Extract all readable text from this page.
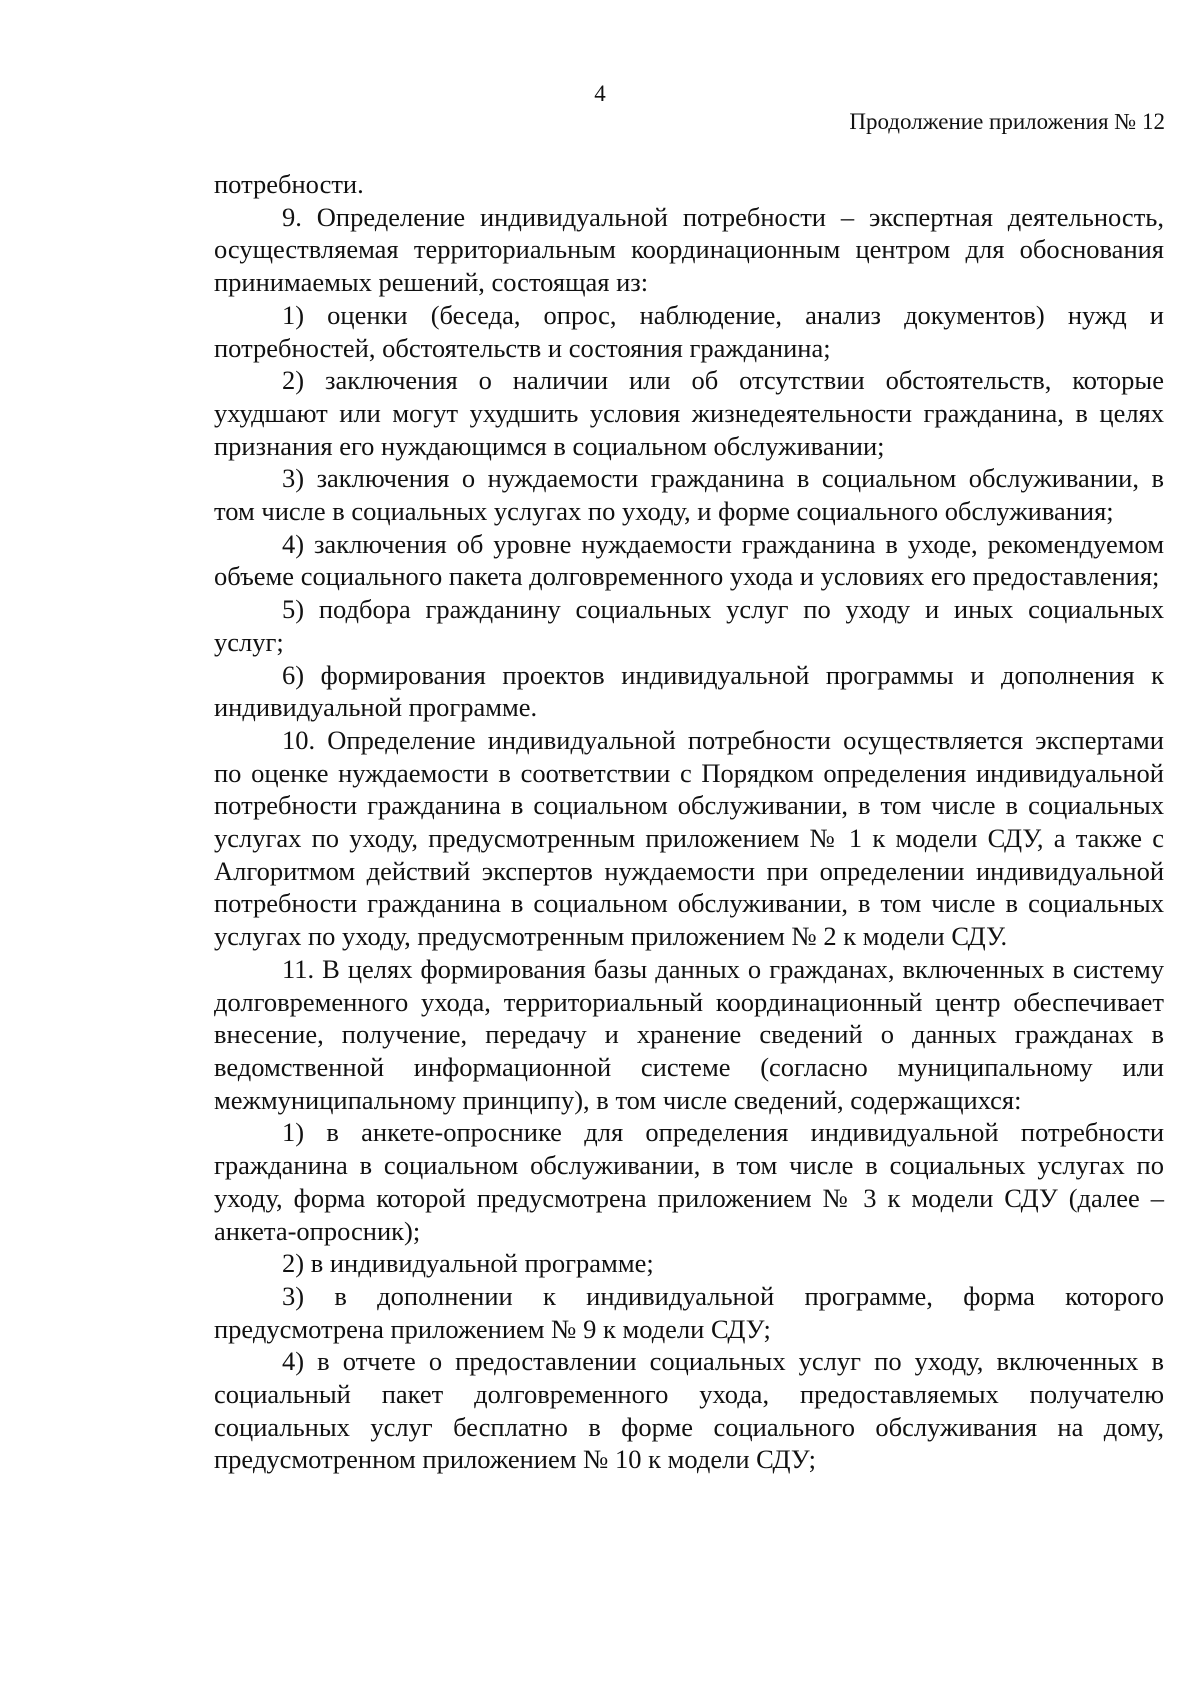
4
Продолжение приложения № 12

потребности.

9. Определение индивидуальной потребности – экспертная деятельность, осуществляемая территориальным координационным центром для обоснования принимаемых решений, состоящая из:

1) оценки (беседа, опрос, наблюдение, анализ документов) нужд и потребностей, обстоятельств и состояния гражданина;

2) заключения о наличии или об отсутствии обстоятельств, которые ухудшают или могут ухудшить условия жизнедеятельности гражданина, в целях признания его нуждающимся в социальном обслуживании;

3) заключения о нуждаемости гражданина в социальном обслуживании, в том числе в социальных услугах по уходу, и форме социального обслуживания;

4) заключения об уровне нуждаемости гражданина в уходе, рекомендуемом объеме социального пакета долговременного ухода и условиях его предоставления;

5) подбора гражданину социальных услуг по уходу и иных социальных услуг;

6) формирования проектов индивидуальной программы и дополнения к индивидуальной программе.

10. Определение индивидуальной потребности осуществляется экспертами по оценке нуждаемости в соответствии с Порядком определения индивидуальной потребности гражданина в социальном обслуживании, в том числе в социальных услугах по уходу, предусмотренным приложением № 1 к модели СДУ, а также с Алгоритмом действий экспертов нуждаемости при определении индивидуальной потребности гражданина в социальном обслуживании, в том числе в социальных услугах по уходу, предусмотренным приложением № 2 к модели СДУ.

11. В целях формирования базы данных о гражданах, включенных в систему долговременного ухода, территориальный координационный центр обеспечивает внесение, получение, передачу и хранение сведений о данных гражданах в ведомственной информационной системе (согласно муниципальному или межмуниципальному принципу), в том числе сведений, содержащихся:

1) в анкете-опроснике для определения индивидуальной потребности гражданина в социальном обслуживании, в том числе в социальных услугах по уходу, форма которой предусмотрена приложением № 3 к модели СДУ (далее – анкета-опросник);

2) в индивидуальной программе;

3) в дополнении к индивидуальной программе, форма которого предусмотрена приложением № 9 к модели СДУ;

4) в отчете о предоставлении социальных услуг по уходу, включенных в социальный пакет долговременного ухода, предоставляемых получателю социальных услуг бесплатно в форме социального обслуживания на дому, предусмотренном приложением № 10 к модели СДУ;
